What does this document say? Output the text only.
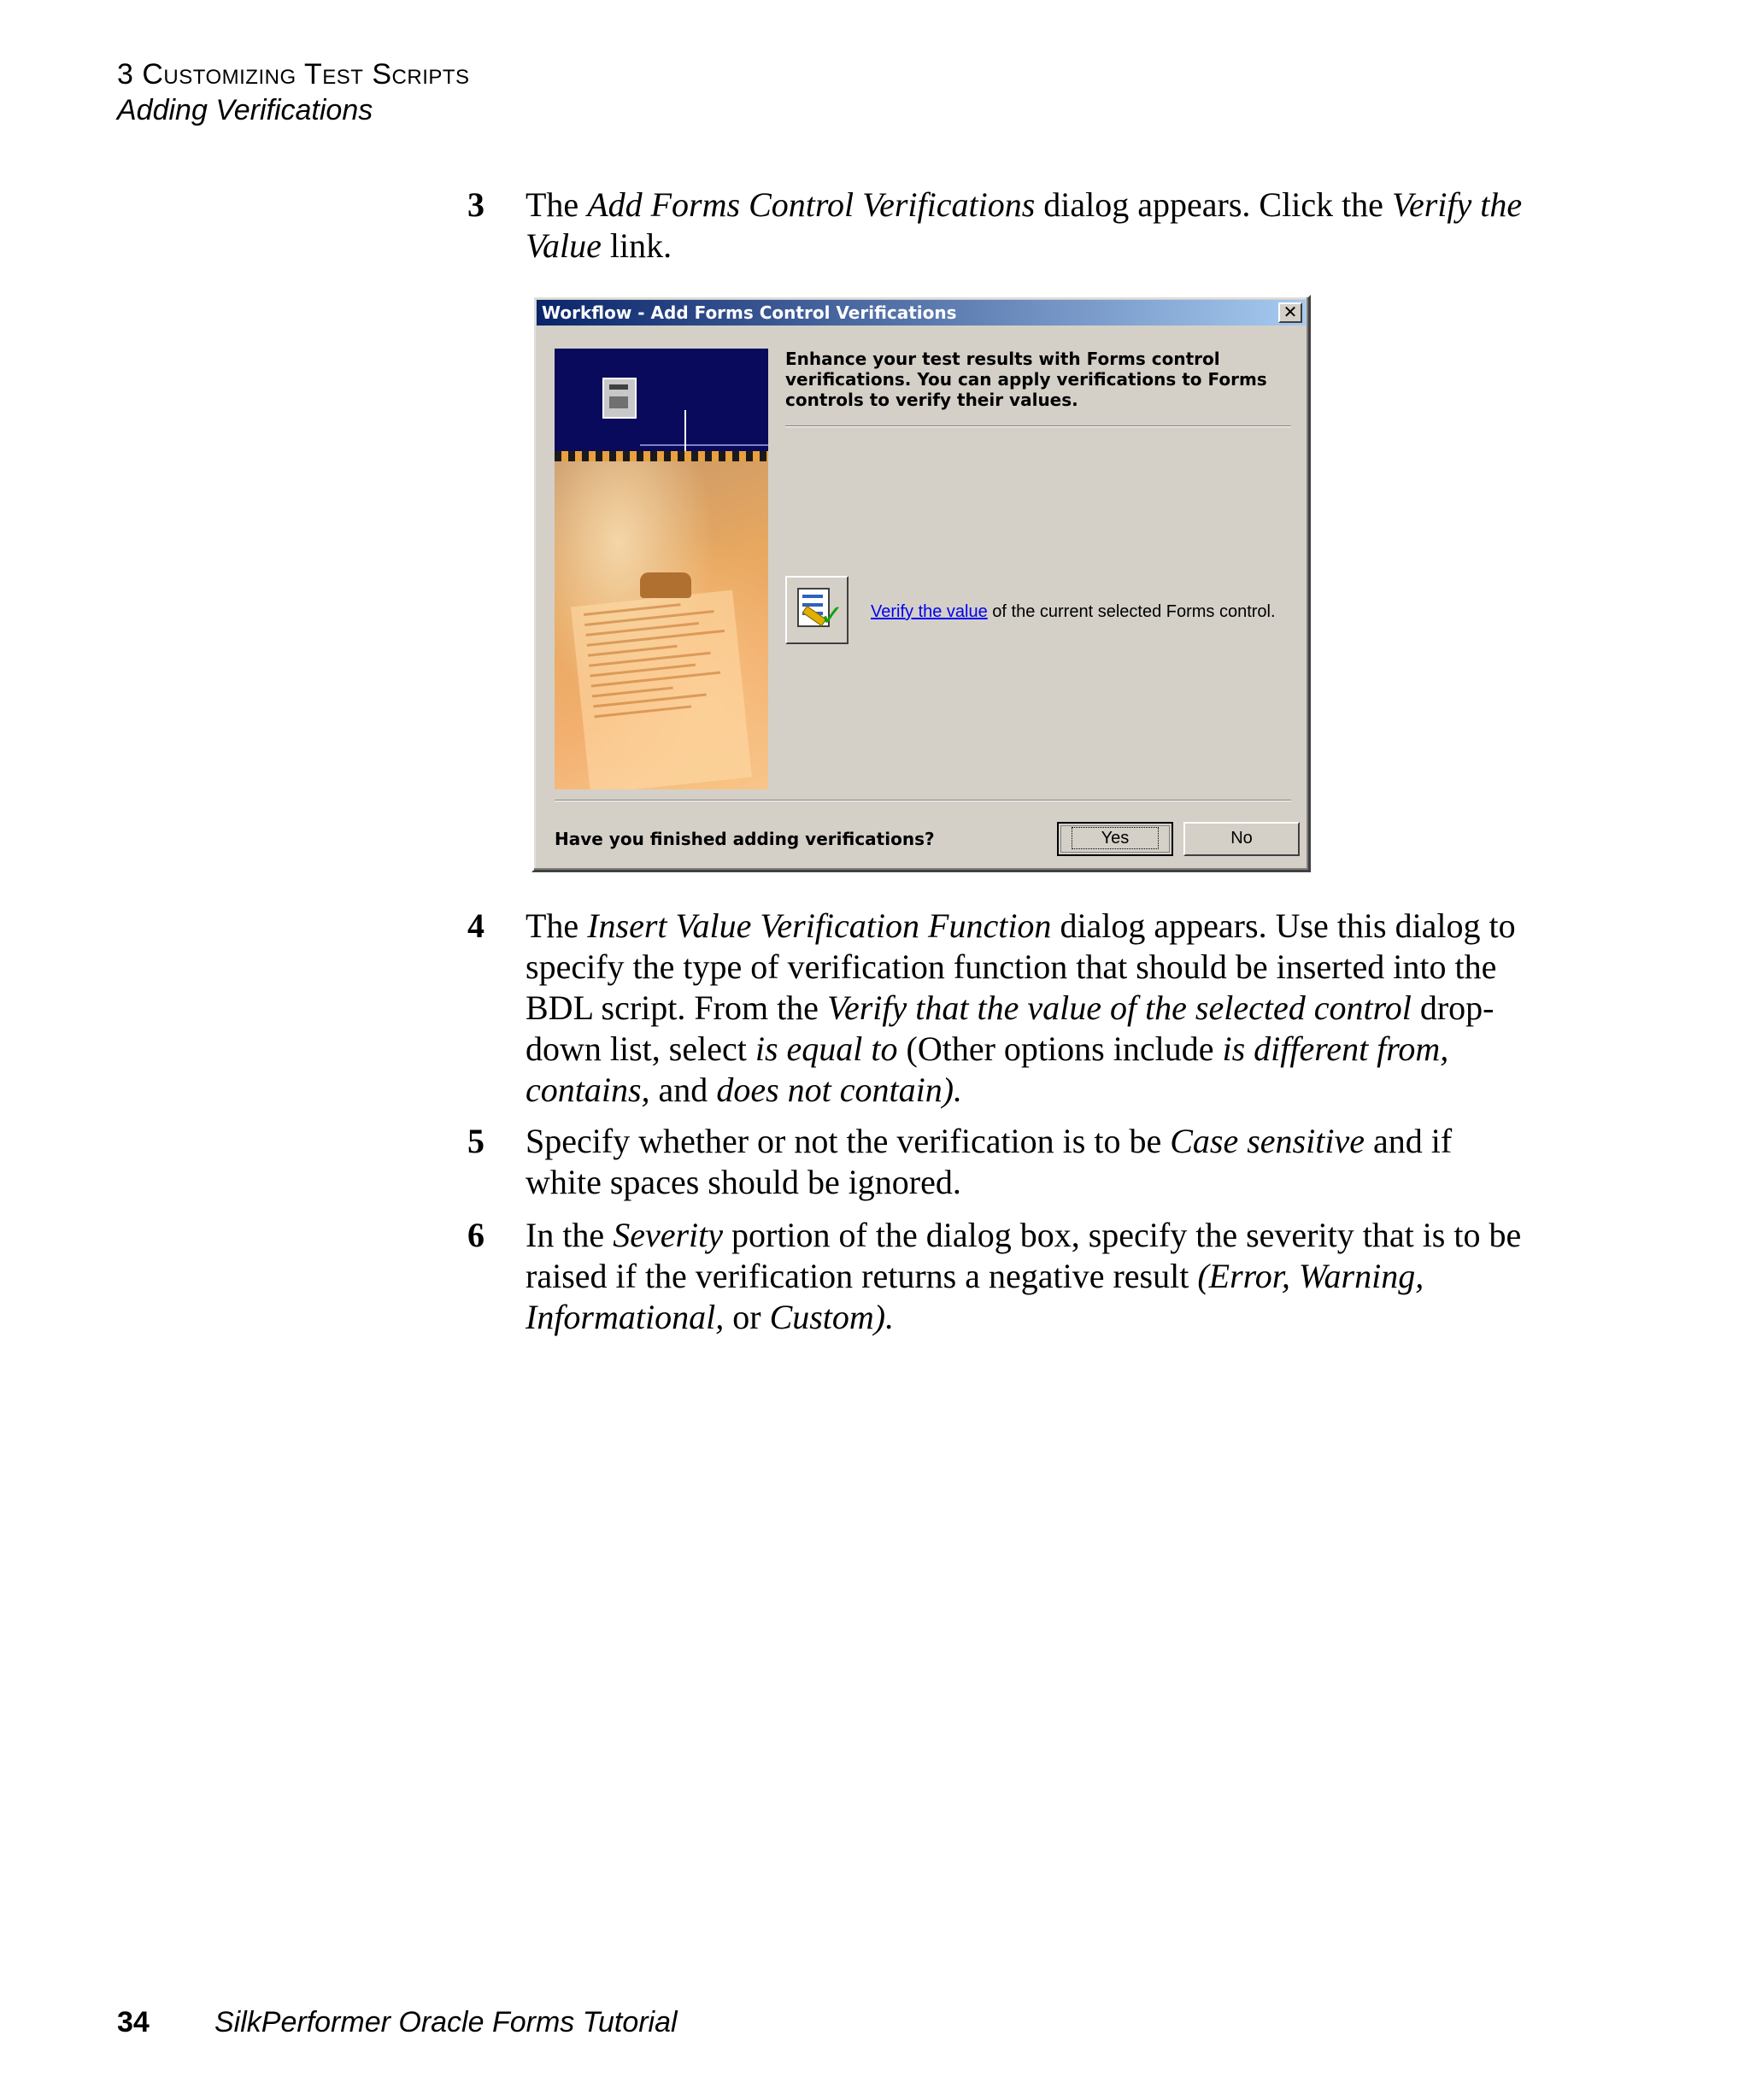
3 Customizing Test Scripts
Adding Verifications
3 The Add Forms Control Verifications dialog appears. Click the Verify the Value link.
Workflow - Add Forms Control Verifications	✕
Enhance your test results with Forms control verifications. You can apply verifications to Forms controls to verify their values.
✓ Verify the value of the current selected Forms control.
Have you finished adding verifications?	Yes	No
4 The Insert Value Verification Function dialog appears. Use this dialog to specify the type of verification function that should be inserted into the BDL script. From the Verify that the value of the selected control drop-down list, select is equal to (Other options include is different from, contains, and does not contain).
5 Specify whether or not the verification is to be Case sensitive and if white spaces should be ignored.
6 In the Severity portion of the dialog box, specify the severity that is to be raised if the verification returns a negative result (Error, Warning, Informational, or Custom).
34 SilkPerformer Oracle Forms Tutorial
